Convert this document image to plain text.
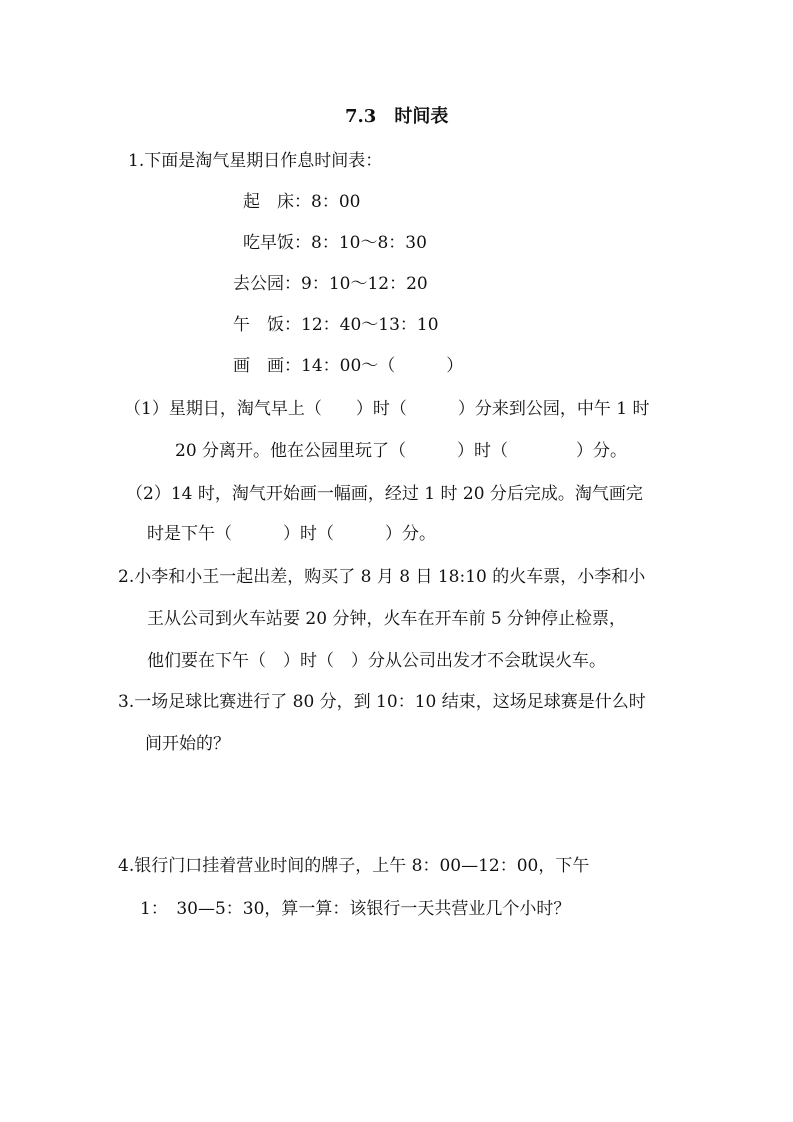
7.3　时间表
1.下面是淘气星期日作息时间表：
起　床：8：00
吃早饭：8：10～8：30
去公园：9：10～12：20
午　饭：12：40～13：10
画　画：14：00～（　　　）
（1）星期日，淘气早上（　　）时（　　　）分来到公园，中午 1 时
20 分离开。他在公园里玩了（　　　）时（　　　　）分。
（2）14 时，淘气开始画一幅画，经过 1 时 20 分后完成。淘气画完
时是下午（　　　）时（　　　）分。
2.小李和小王一起出差，购买了 8 月 8 日 18:10 的火车票，小李和小
王从公司到火车站要 20 分钟，火车在开车前 5 分钟停止检票，
他们要在下午（　）时（　）分从公司出发才不会耽误火车。
3.一场足球比赛进行了 80 分，到 10：10 结束，这场足球赛是什么时
间开始的？
4.银行门口挂着营业时间的牌子，上午 8：00—12：00，下午
1：　30—5：30，算一算：该银行一天共营业几个小时？
